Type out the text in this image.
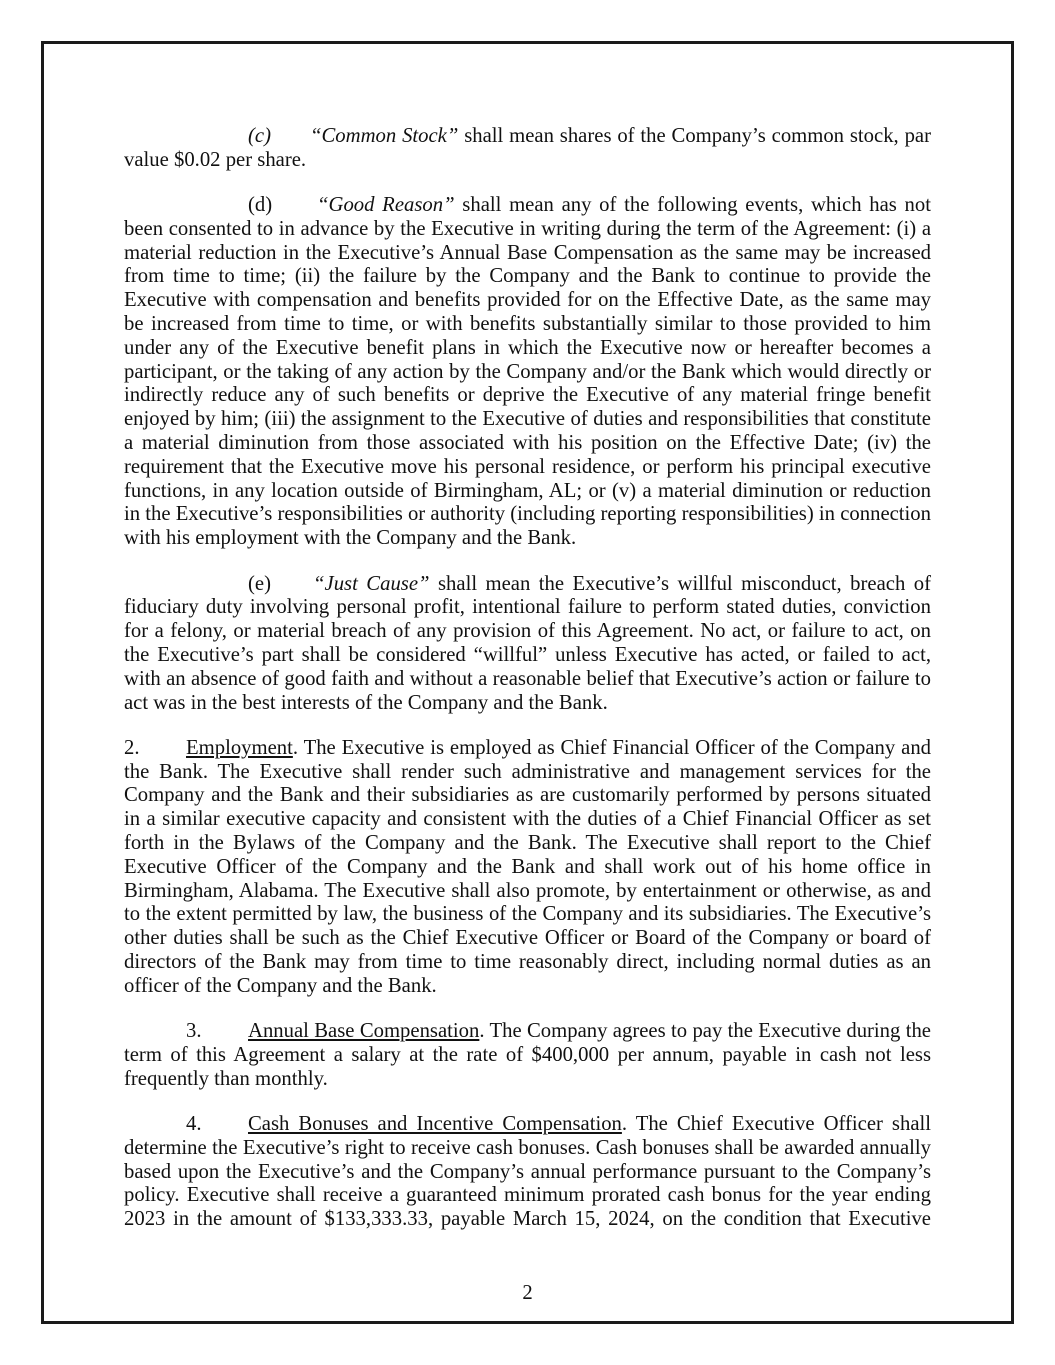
(c) “Common Stock” shall mean shares of the Company’s common stock, par value $0.02 per share.

(d) “Good Reason” shall mean any of the following events, which has not been consented to in advance by the Executive in writing during the term of the Agreement: (i) a material reduction in the Executive’s Annual Base Compensation as the same may be increased from time to time; (ii) the failure by the Company and the Bank to continue to provide the Executive with compensation and benefits provided for on the Effective Date, as the same may be increased from time to time, or with benefits substantially similar to those provided to him under any of the Executive benefit plans in which the Executive now or hereafter becomes a participant, or the taking of any action by the Company and/or the Bank which would directly or indirectly reduce any of such benefits or deprive the Executive of any material fringe benefit enjoyed by him; (iii) the assignment to the Executive of duties and responsibilities that constitute a material diminution from those associated with his position on the Effective Date; (iv) the requirement that the Executive move his personal residence, or perform his principal executive functions, in any location outside of Birmingham, AL; or (v) a material diminution or reduction in the Executive’s responsibilities or authority (including reporting responsibilities) in connection with his employment with the Company and the Bank.

(e) “Just Cause” shall mean the Executive’s willful misconduct, breach of fiduciary duty involving personal profit, intentional failure to perform stated duties, conviction for a felony, or material breach of any provision of this Agreement. No act, or failure to act, on the Executive’s part shall be considered “willful” unless Executive has acted, or failed to act, with an absence of good faith and without a reasonable belief that Executive’s action or failure to act was in the best interests of the Company and the Bank.

2. Employment. The Executive is employed as Chief Financial Officer of the Company and the Bank. The Executive shall render such administrative and management services for the Company and the Bank and their subsidiaries as are customarily performed by persons situated in a similar executive capacity and consistent with the duties of a Chief Financial Officer as set forth in the Bylaws of the Company and the Bank. The Executive shall report to the Chief Executive Officer of the Company and the Bank and shall work out of his home office in Birmingham, Alabama. The Executive shall also promote, by entertainment or otherwise, as and to the extent permitted by law, the business of the Company and its subsidiaries. The Executive’s other duties shall be such as the Chief Executive Officer or Board of the Company or board of directors of the Bank may from time to time reasonably direct, including normal duties as an officer of the Company and the Bank.

3. Annual Base Compensation. The Company agrees to pay the Executive during the term of this Agreement a salary at the rate of $400,000 per annum, payable in cash not less frequently than monthly.

4. Cash Bonuses and Incentive Compensation. The Chief Executive Officer shall determine the Executive’s right to receive cash bonuses. Cash bonuses shall be awarded annually based upon the Executive’s and the Company’s annual performance pursuant to the Company’s policy. Executive shall receive a guaranteed minimum prorated cash bonus for the year ending 2023 in the amount of $133,333.33, payable March 15, 2024, on the condition that Executive

2
